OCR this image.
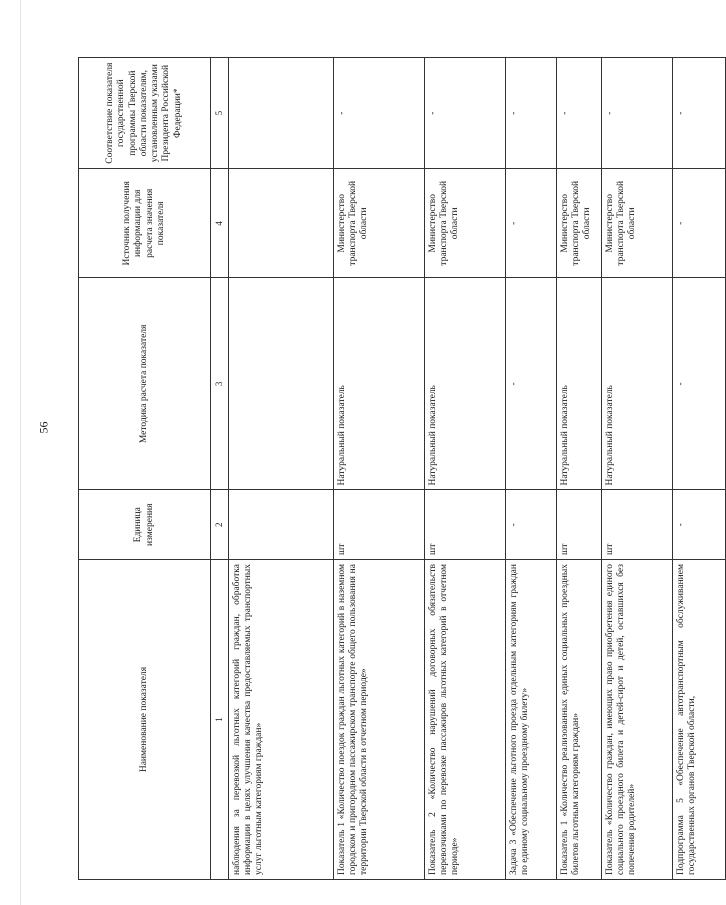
56
Наименование показателя	Единица измерения	Методика расчета показателя	Источник получения информации для расчета значения показателя	Соответствие показателя государственной программы Тверской области показателям, установленным указами Президента Российской Федерации*
1	2	3	4	5
наблюдения за перевозкой льготных категорий граждан, обработка информации в целях улучшения качества предоставляемых транспортных услуг льготным категориям граждан»				
Показатель 1 «Количество поездок граждан льготных категорий в наземном городском и пригородном пассажирском транспорте общего пользования на территории Тверской области в отчетном периоде»	шт	Натуральный показатель	Министерство транспорта Тверской области	-
Показатель 2 «Количество нарушений договорных обязательств перевозчиками по перевозке пассажиров льготных категорий в отчетном периоде»	шт	Натуральный показатель	Министерство транспорта Тверской области	-
Задача 3 «Обеспечение льготного проезда отдельным категориям граждан по единому социальному проездному билету»	-	-	-	-
Показатель 1 «Количество реализованных единых социальных проездных билетов льготным категориям граждан»	шт	Натуральный показатель	Министерство транспорта Тверской области	-
Показатель «Количество граждан, имеющих право приобретения единого социального проездного билета и детей-сирот и детей, оставшихся без попечения родителей»	шт	Натуральный показатель	Министерство транспорта Тверской области	-
Подпрограмма 5 «Обеспечение автотранспортным обслуживанием государственных органов Тверской области,	-	-	-	-
